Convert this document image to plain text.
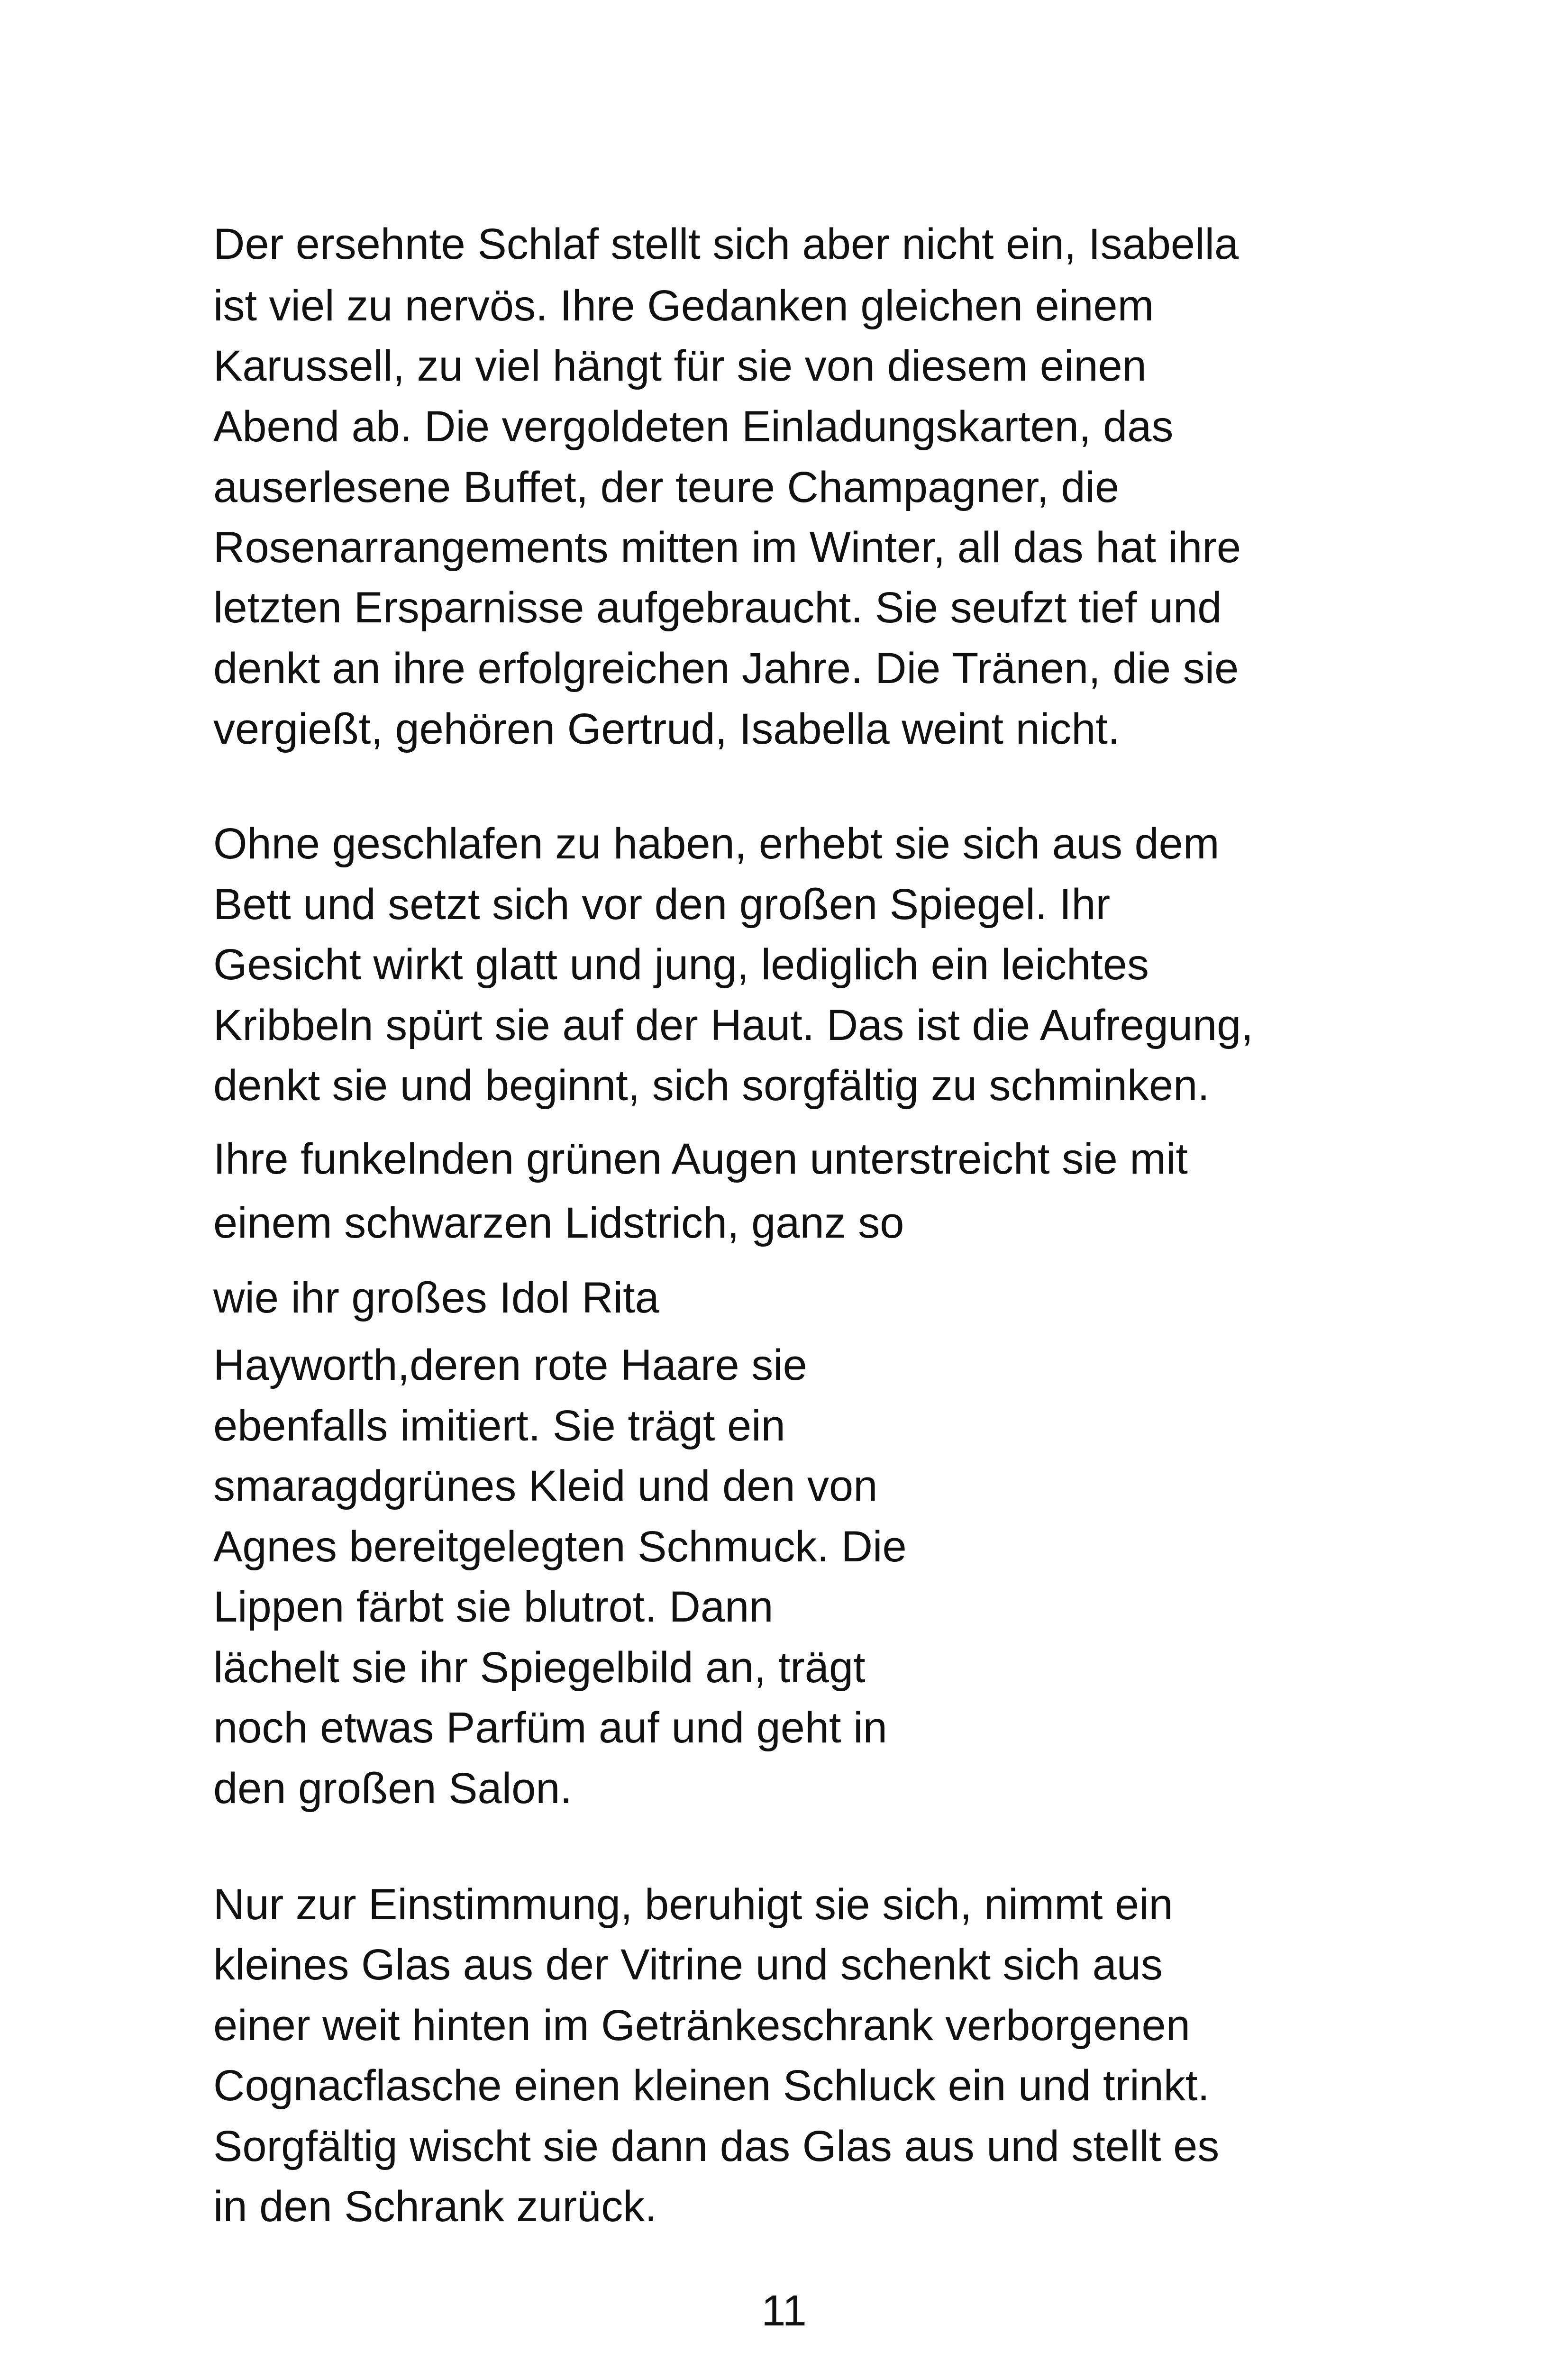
Der ersehnte Schlaf stellt sich aber nicht ein, Isabella
ist viel zu nervös. Ihre Gedanken gleichen einem
Karussell, zu viel hängt für sie von diesem einen
Abend ab. Die vergoldeten Einladungskarten, das
auserlesene Buffet, der teure Champagner, die
Rosenarrangements mitten im Winter, all das hat ihre
letzten Ersparnisse aufgebraucht. Sie seufzt tief und
denkt an ihre erfolgreichen Jahre. Die Tränen, die sie
vergießt, gehören Gertrud, Isabella weint nicht.
Ohne geschlafen zu haben, erhebt sie sich aus dem
Bett und setzt sich vor den großen Spiegel. Ihr
Gesicht wirkt glatt und jung, lediglich ein leichtes
Kribbeln spürt sie auf der Haut. Das ist die Aufregung,
denkt sie und beginnt, sich sorgfältig zu schminken.
Ihre funkelnden grünen Augen unterstreicht sie mit
einem schwarzen Lidstrich, ganz so
wie ihr großes Idol Rita
Hayworth,deren rote Haare sie
ebenfalls imitiert. Sie trägt ein
smaragdgrünes Kleid und den von
Agnes bereitgelegten Schmuck. Die
Lippen färbt sie blutrot. Dann
lächelt sie ihr Spiegelbild an, trägt
noch etwas Parfüm auf und geht in
den großen Salon.
Nur zur Einstimmung, beruhigt sie sich, nimmt ein
kleines Glas aus der Vitrine und schenkt sich aus
einer weit hinten im Getränkeschrank verborgenen
Cognacflasche einen kleinen Schluck ein und trinkt.
Sorgfältig wischt sie dann das Glas aus und stellt es
in den Schrank zurück.
11
